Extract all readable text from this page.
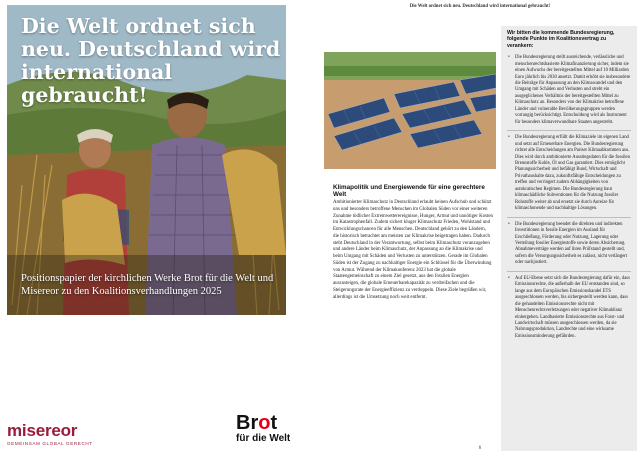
Die Welt ordnet sich neu. Deutschland wird international gebraucht!
Positionspapier der kirchlichen Werke Brot für die Welt und Misereor zu den Koalitionsverhandlungen 2025
misereor
GEMEINSAM GLOBAL GERECHT
Brot
für die Welt
Die Welt ordnet sich neu. Deutschland wird international gebraucht!
Klimapolitik und Energiewende für eine gerechtere Welt
Ambitionierter Klimaschutz in Deutschland erlaubt keinen Aufschub und schützt uns und besonders betroffene Menschen im Globalen Süden vor einer weiteren Zunahme tödlicher Extremwetterereignisse, Hunger, Armut und unnötiger Kosten im Katastrophenfall. Zudem sichert kluger Klimaschutz Frieden, Wohlstand und Entwicklungschancen für alle Menschen. Deutschland gehört zu den Ländern, die historisch betrachtet am meisten zur Klimakrise beigetragen haben. Dadurch steht Deutschland in der Verantwortung, selbst beim Klimaschutz voranzugehen und andere Länder beim Klimaschutz, der Anpassung an die Klimakrise und beim Umgang mit Schäden und Verlusten zu unterstützen. Gerade im Globalen Süden ist der Zugang zu nachhaltiger Energie ein Schlüssel für die Überwindung von Armut. Während der Klimakonferenz 2023 hat die globale Staatengemeinschaft zu einem Ziel gesetzt, aus den fossilen Energien auszusteigen, die globale Erneuerbarekapazität zu verdreifachen und die Steigerungsrate der Energieeffizienz zu verdoppeln. Diese Ziele begrüßen wir, allerdings ist die Umsetzung noch weit entfernt.
Wir bitten die kommende Bundesregierung, folgende Punkte im Koalitionsvertrag zu verankern:
• Die Bundesregierung stellt ausreichende, verlässliche und menschenrechtsbasierte Klimafinanzierung sicher, indem sie einen Aufwuchs der bereitgestellten Mittel auf 10 Milliarden Euro jährlich bis 2030 ansetzt. Damit erhöht sie insbesondere die Beiträge für Anpassung an den Klimawandel und den Umgang mit Schäden und Verlusten und strebt ein ausgeglichenes Verhältnis der bereitgestellten Mittel zu Klimaschutz an. Besonders von der Klimakrise betroffene Länder und vulnerable Bevölkerungsgruppen werden vorrangig berücksichtigt. Entschuldung wird als Instrument für besonders klimaverwundbare Staaten angestrebt.
• Die Bundesregierung erfüllt die Klimaziele im eigenen Land und setzt auf Erneuerbare Energien. Die Bundesregierung richtet alle Entscheidungen am Pariser Klimaabkommen aus. Dies wird durch ambitionierte Ausstiegsdaten für die fossilen Brennstoffe Kohle, Öl und Gas garantiert. Dies ermöglicht Planungssicherheit und befähigt Bund, Wirtschaft und Privathaushalte dazu, zukunftsfähige Entscheidungen zu treffen und verringert zudem Abhängigkeiten von autokratischen Regimen. Die Bundesregierung baut klimaschädliche Subventionen für die Nutzung fossiler Rohstoffe weiter ab und ersetzt sie durch Anreize für klimaschonende und nachhaltige Lösungen.
• Die Bundesregierung beendet die direkten und indirekten Investitionen in fossile Energien im Ausland für Erschließung, Förderung oder Nutzung, Lagerung oder Verteilung fossiler Energiestoffe sowie deren Absicherung. Abnahmeverträge werden auf ihren Prüfstand gestellt und, sofern die Versorgungssicherheit es zulässt, nicht verlängert oder nachjustiert.
• Auf EU-Ebene setzt sich die Bundesregierung dafür ein, dass Emissionsrechte, die außerhalb der EU entstanden sind, so lange aus dem Europäischen Emissionshandel ETS ausgeschlossen werden, bis sichergestellt werden kann, dass die gehandelten Emissionsrechte nicht mit Menschenrechtsverletzungen oder negativer Klimabilanz einhergehen. Landbasierte Emissionsrechte aus Forst- und Landwirtschaft müssen ausgeschlossen werden, da sie Nahrungsproduktion, Landrechte und eine wirksame Emissionsminderung gefährden.
6
